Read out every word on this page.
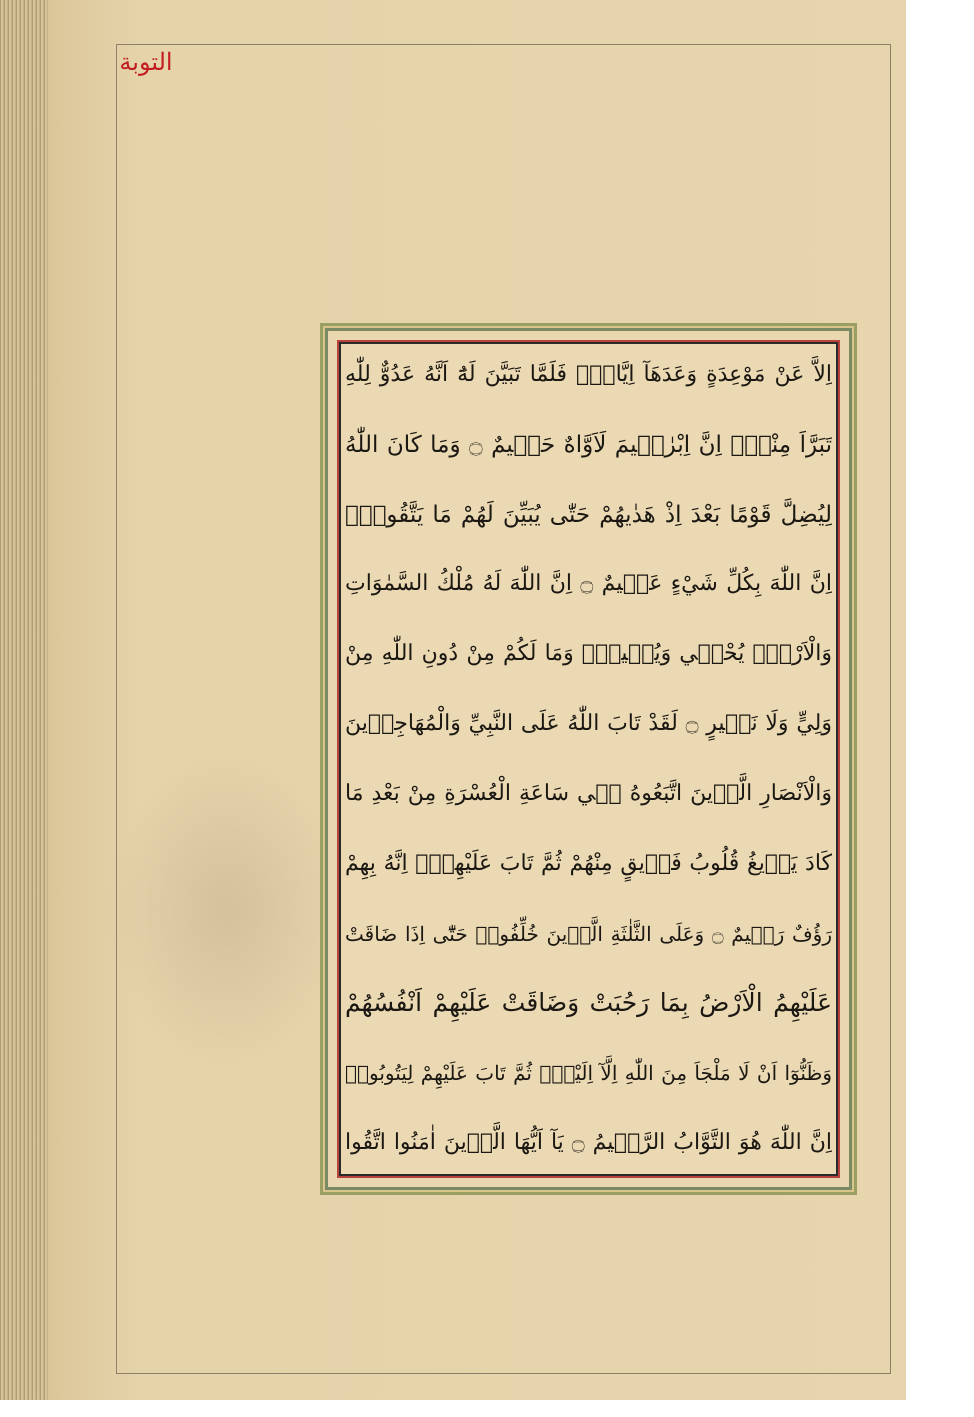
التوبة
اِلاَّ عَنْ مَوْعِدَةٍ وَعَدَهَآ اِيَّاهُۚ فَلَمَّا تَبَيَّنَ لَهُٓ اَنَّهُ عَدُوٌّ لِلّٰهِ
تَبَرَّاَ مِنْهُۜ اِنَّ اِبْرٰهٖيمَ لَاَوَّاهٌ حَلٖيمٌ ۝ وَمَا كَانَ اللّٰهُ
لِيُضِلَّ قَوْمًا بَعْدَ اِذْ هَدٰيهُمْ حَتّٰى يُبَيِّنَ لَهُمْ مَا يَتَّقُونَۜ
اِنَّ اللّٰهَ بِكُلِّ شَيْءٍ عَلٖيمٌ ۝ اِنَّ اللّٰهَ لَهُ مُلْكُ السَّمٰوَاتِ
وَالْاَرْضِۜ يُحْيٖي وَيُمٖيتُۜ وَمَا لَكُمْ مِنْ دُونِ اللّٰهِ مِنْ
وَلِيٍّ وَلَا نَصٖيرٍ ۝ لَقَدْ تَابَ اللّٰهُ عَلَى النَّبِيِّ وَالْمُهَاجِرٖينَ
وَالْاَنْصَارِ الَّذٖينَ اتَّبَعُوهُ فٖي سَاعَةِ الْعُسْرَةِ مِنْ بَعْدِ مَا
كَادَ يَزٖيغُ قُلُوبُ فَرٖيقٍ مِنْهُمْ ثُمَّ تَابَ عَلَيْهِمْۜ اِنَّهُ بِهِمْ
رَؤُفٌ رَحٖيمٌ ۝ وَعَلَى الثَّلٰثَةِ الَّذٖينَ خُلِّفُواۜ حَتّٰٓى اِذَا ضَاقَتْ
عَلَيْهِمُ الْاَرْضُ بِمَا رَحُبَتْ وَضَاقَتْ عَلَيْهِمْ اَنْفُسُهُمْ
وَظَنُّوٓا اَنْ لَا مَلْجَاَ مِنَ اللّٰهِ اِلَّآ اِلَيْهِۜ ثُمَّ تَابَ عَلَيْهِمْ لِيَتُوبُواۜ
اِنَّ اللّٰهَ هُوَ التَّوَّابُ الرَّحٖيمُ ۝ يَآ اَيُّهَا الَّذٖينَ اٰمَنُوا اتَّقُوا
